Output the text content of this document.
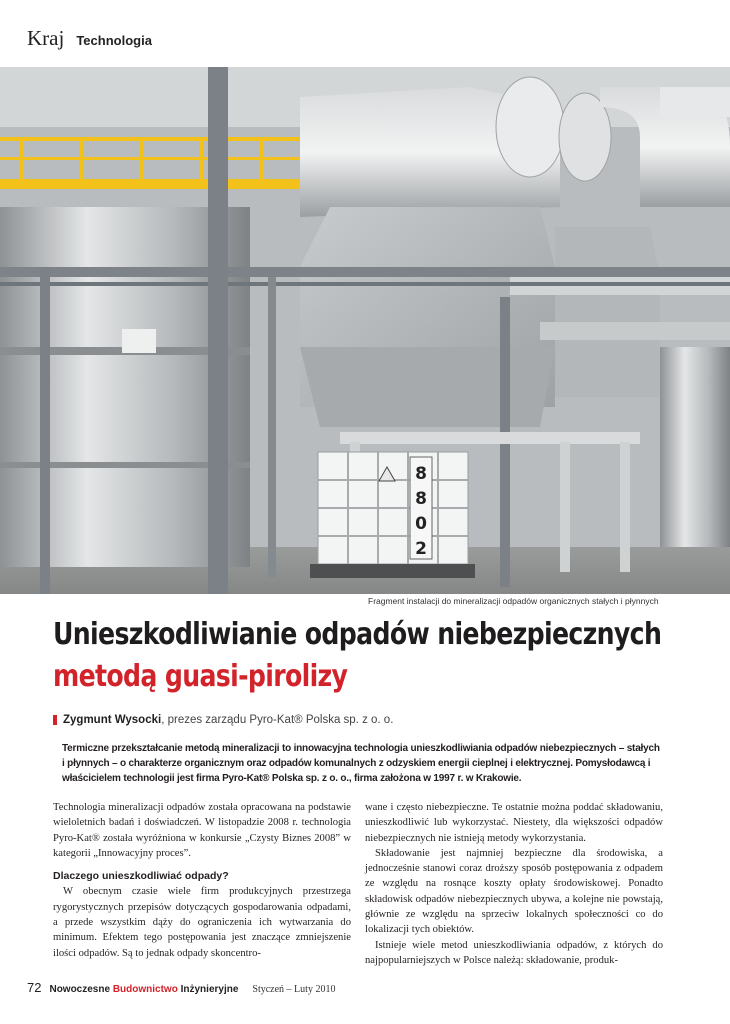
Kraj Technologia
8
8
0
2
Fragment instalacji do mineralizacji odpadów organicznych stałych i płynnych
Unieszkodliwianie odpadów niebezpiecznych
metodą guasi-pirolizy
Zygmunt Wysocki , prezes zarządu Pyro-Kat® Polska sp. z o. o.
Termiczne przekształcanie metodą mineralizacji to innowacyjna technologia unieszkodliwiania odpadów niebezpiecznych – stałych i płynnych – o charakterze organicznym oraz odpadów komunalnych z odzyskiem energii cieplnej i elektrycznej. Pomysłodawcą i właścicielem technologii jest firma Pyro-Kat® Polska sp. z o. o., firma założona w 1997 r. w Krakowie.

Technologia mineralizacji odpadów została opracowana na podstawie wieloletnich badań i doświadczeń. W listopadzie 2008 r. technologia Pyro-Kat® została wyróżniona w konkursie „Czysty Biznes 2008” w kategorii „Innowacyjny proces”.

Dlaczego unieszkodliwiać odpady?

W obecnym czasie wiele firm produkcyjnych przestrzega rygorystycznych przepisów dotyczących gospodarowania odpadami, a przede wszystkim dąży do ograniczenia ich wytwarzania do minimum. Efektem tego postępowania jest znaczące zmniejszenie ilości odpadów. Są to jednak odpady skoncentro-

wane i często niebezpieczne. Te ostatnie można poddać składowaniu, unieszkodliwić lub wykorzystać. Niestety, dla większości odpadów niebezpiecznych nie istnieją metody wykorzystania.

Składowanie jest najmniej bezpieczne dla środowiska, a jednocześnie stanowi coraz droższy sposób postępowania z odpadem ze względu na rosnące koszty opłaty środowiskowej. Ponadto składowisk odpadów niebezpiecznych ubywa, a kolejne nie powstają, głównie ze względu na sprzeciw lokalnych społeczności co do lokalizacji tych obiektów.

Istnieje wiele metod unieszkodliwiania odpadów, z których do najpopularniejszych w Polsce należą: składowanie, produk-

72 Nowoczesne Budownictwo Inżynieryjne Styczeń – Luty 2010
